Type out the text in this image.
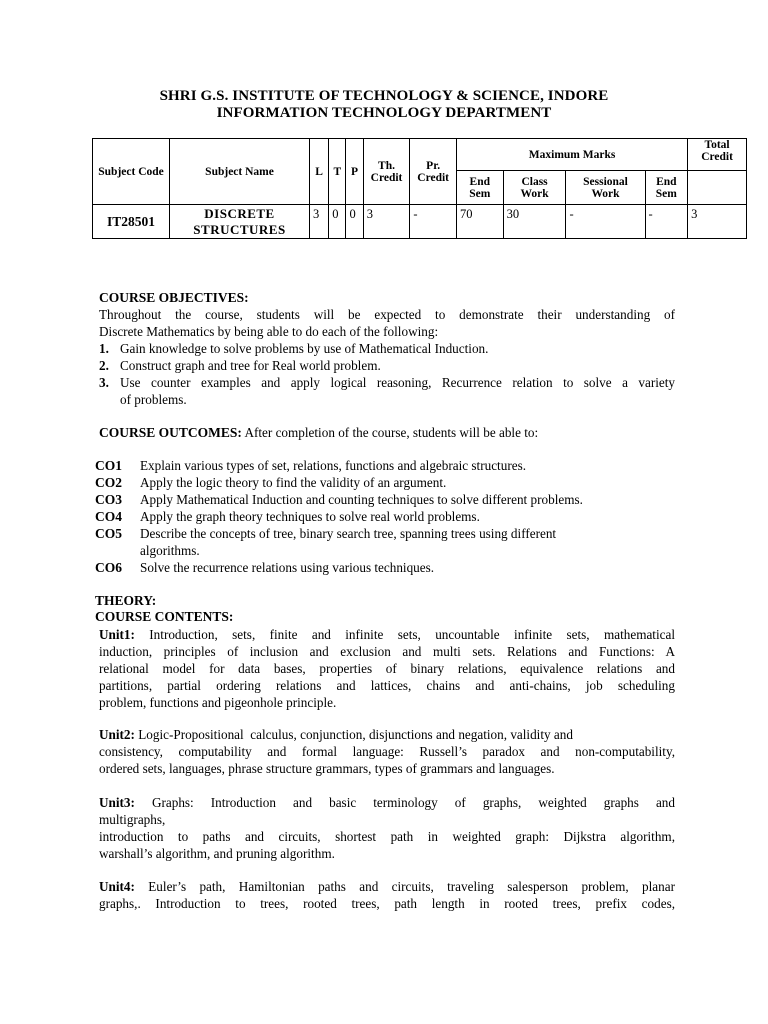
SHRI G.S. INSTITUTE OF TECHNOLOGY & SCIENCE, INDORE
INFORMATION TECHNOLOGY DEPARTMENT
Subject Code	Subject Name	L	T	P	Th. Credit	Pr. Credit	Maximum Marks				Total Credit
							End Sem	Class Work	Sessional Work	End Sem	
IT28501	DISCRETE STRUCTURES	3	0	0	3	-	70	30	-	-	3
COURSE OBJECTIVES:
Throughout the course, students will be expected to demonstrate their understanding of
Discrete Mathematics by being able to do each of the following:
1. Gain knowledge to solve problems by use of Mathematical Induction.
2. Construct graph and tree for Real world problem.
3. Use counter examples and apply logical reasoning, Recurrence relation to solve a variety
of problems.
COURSE OUTCOMES: After completion of the course, students will be able to:
CO1	Explain various types of set, relations, functions and algebraic structures.
CO2	Apply the logic theory to find the validity of an argument.
CO3	Apply Mathematical Induction and counting techniques to solve different problems.
CO4	Apply the graph theory techniques to solve real world problems.
CO5	Describe the concepts of tree, binary search tree, spanning trees using different
algorithms.
CO6	Solve the recurrence relations using various techniques.
THEORY:
COURSE CONTENTS:
Unit1: Introduction, sets, finite and infinite sets, uncountable infinite sets, mathematical
induction, principles of inclusion and exclusion and multi sets. Relations and Functions: A
relational model for data bases, properties of binary relations, equivalence relations and
partitions, partial ordering relations and lattices, chains and anti-chains, job scheduling
problem, functions and pigeonhole principle.
Unit2: Logic-Propositional  calculus, conjunction, disjunctions and negation, validity and
consistency, computability and formal language: Russell’s paradox and non-computability,
ordered sets, languages, phrase structure grammars, types of grammars and languages.
Unit3: Graphs: Introduction and basic terminology of graphs, weighted graphs and
multigraphs,
introduction to paths and circuits, shortest path in weighted graph: Dijkstra algorithm,
warshall’s algorithm, and pruning algorithm.
Unit4: Euler’s path, Hamiltonian paths and circuits, traveling salesperson problem, planar
graphs,. Introduction to trees, rooted trees, path length in rooted trees, prefix codes,
